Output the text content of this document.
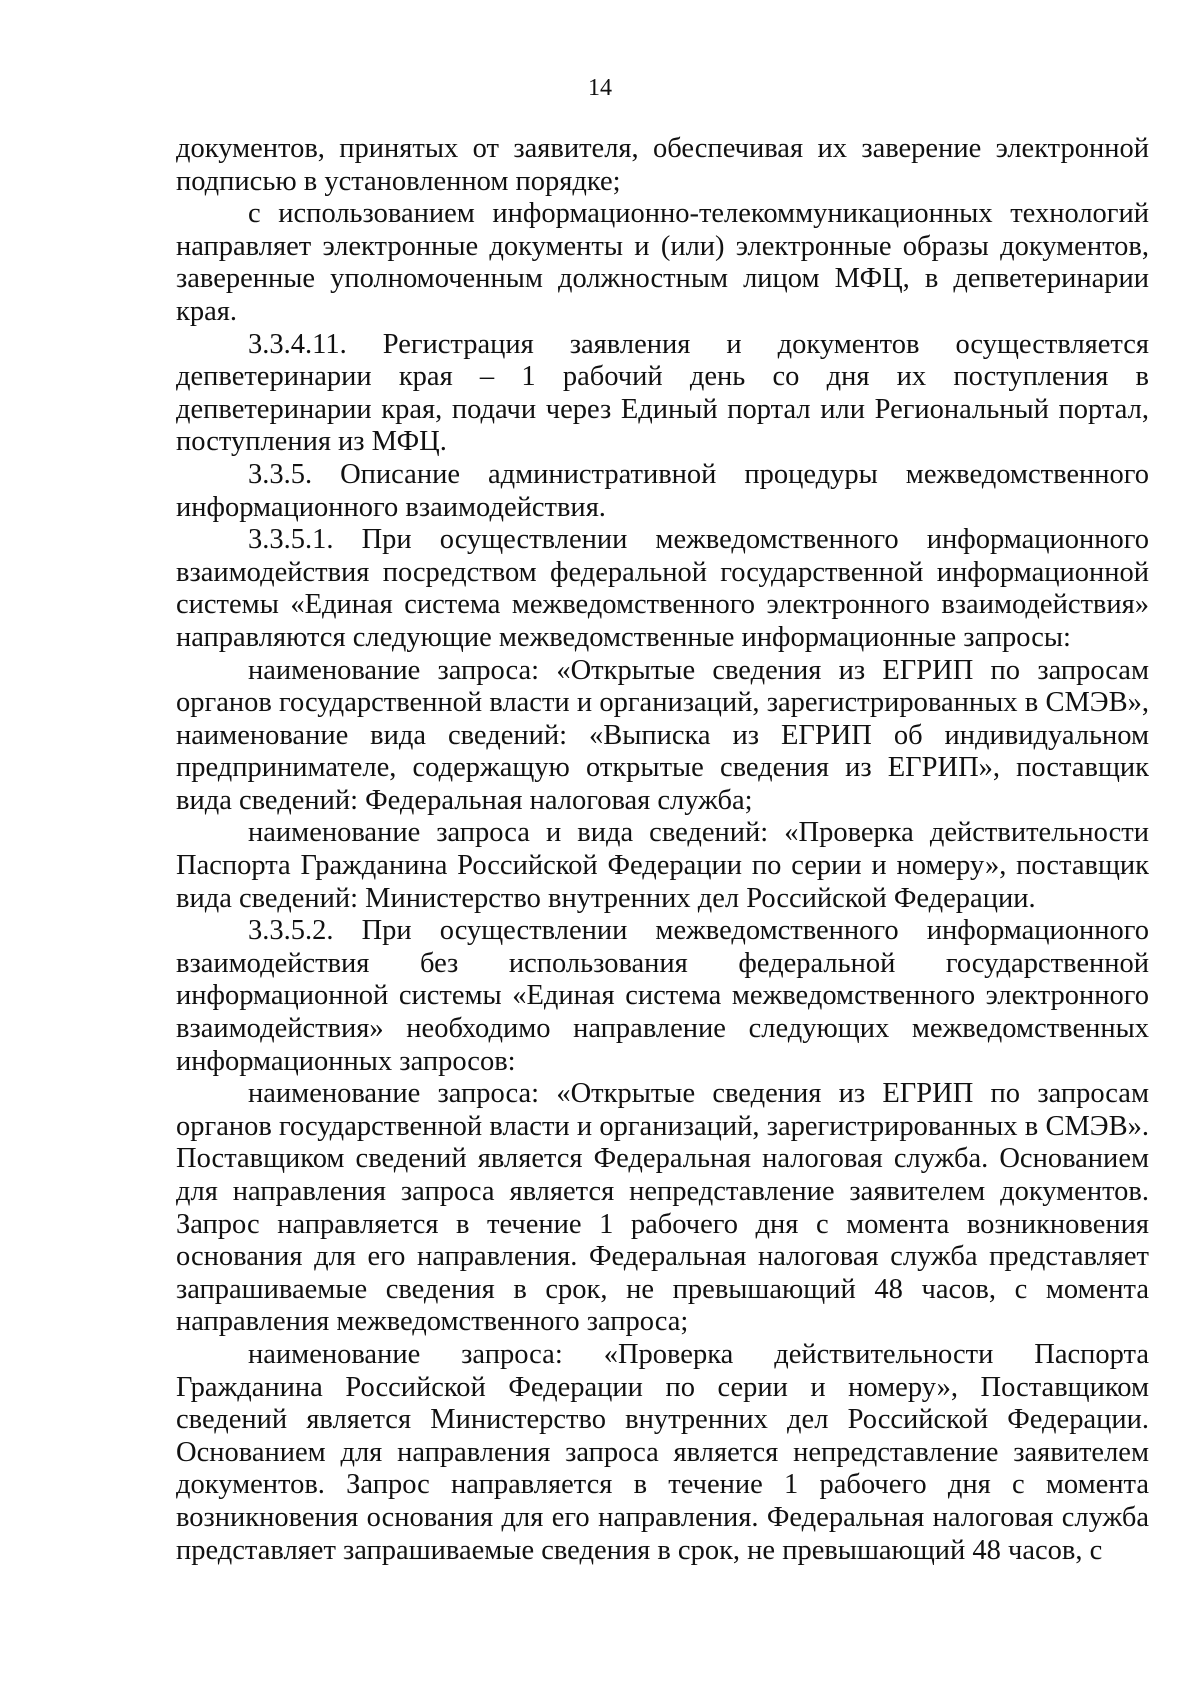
14

документов, принятых от заявителя, обеспечивая их заверение электронной подписью в установленном порядке;

с использованием информационно-телекоммуникационных технологий направляет электронные документы и (или) электронные образы документов, заверенные уполномоченным должностным лицом МФЦ, в депветеринарии края.

3.3.4.11. Регистрация заявления и документов осуществляется депветеринарии края – 1 рабочий день со дня их поступления в депветеринарии края, подачи через Единый портал или Региональный портал, поступления из МФЦ.

3.3.5. Описание административной процедуры межведомственного информационного взаимодействия.

3.3.5.1. При осуществлении межведомственного информационного взаимодействия посредством федеральной государственной информационной системы «Единая система межведомственного электронного взаимодействия» направляются следующие межведомственные информационные запросы:

наименование запроса: «Открытые сведения из ЕГРИП по запросам органов государственной власти и организаций, зарегистрированных в СМЭВ», наименование вида сведений: «Выписка из ЕГРИП об индивидуальном предпринимателе, содержащую открытые сведения из ЕГРИП», поставщик вида сведений: Федеральная налоговая служба;

наименование запроса и вида сведений: «Проверка действительности Паспорта Гражданина Российской Федерации по серии и номеру», поставщик вида сведений: Министерство внутренних дел Российской Федерации.

3.3.5.2. При осуществлении межведомственного информационного взаимодействия без использования федеральной государственной информационной системы «Единая система межведомственного электронного взаимодействия» необходимо направление следующих межведомственных информационных запросов:

наименование запроса: «Открытые сведения из ЕГРИП по запросам органов государственной власти и организаций, зарегистрированных в СМЭВ». Поставщиком сведений является Федеральная налоговая служба. Основанием для направления запроса является непредставление заявителем документов. Запрос направляется в течение 1 рабочего дня с момента возникновения основания для его направления. Федеральная налоговая служба представляет запрашиваемые сведения в срок, не превышающий 48 часов, с момента направления межведомственного запроса;

наименование запроса: «Проверка действительности Паспорта Гражданина Российской Федерации по серии и номеру», Поставщиком сведений является Министерство внутренних дел Российской Федерации. Основанием для направления запроса является непредставление заявителем документов. Запрос направляется в течение 1 рабочего дня с момента возникновения основания для его направления. Федеральная налоговая служба представляет запрашиваемые сведения в срок, не превышающий 48 часов, с
